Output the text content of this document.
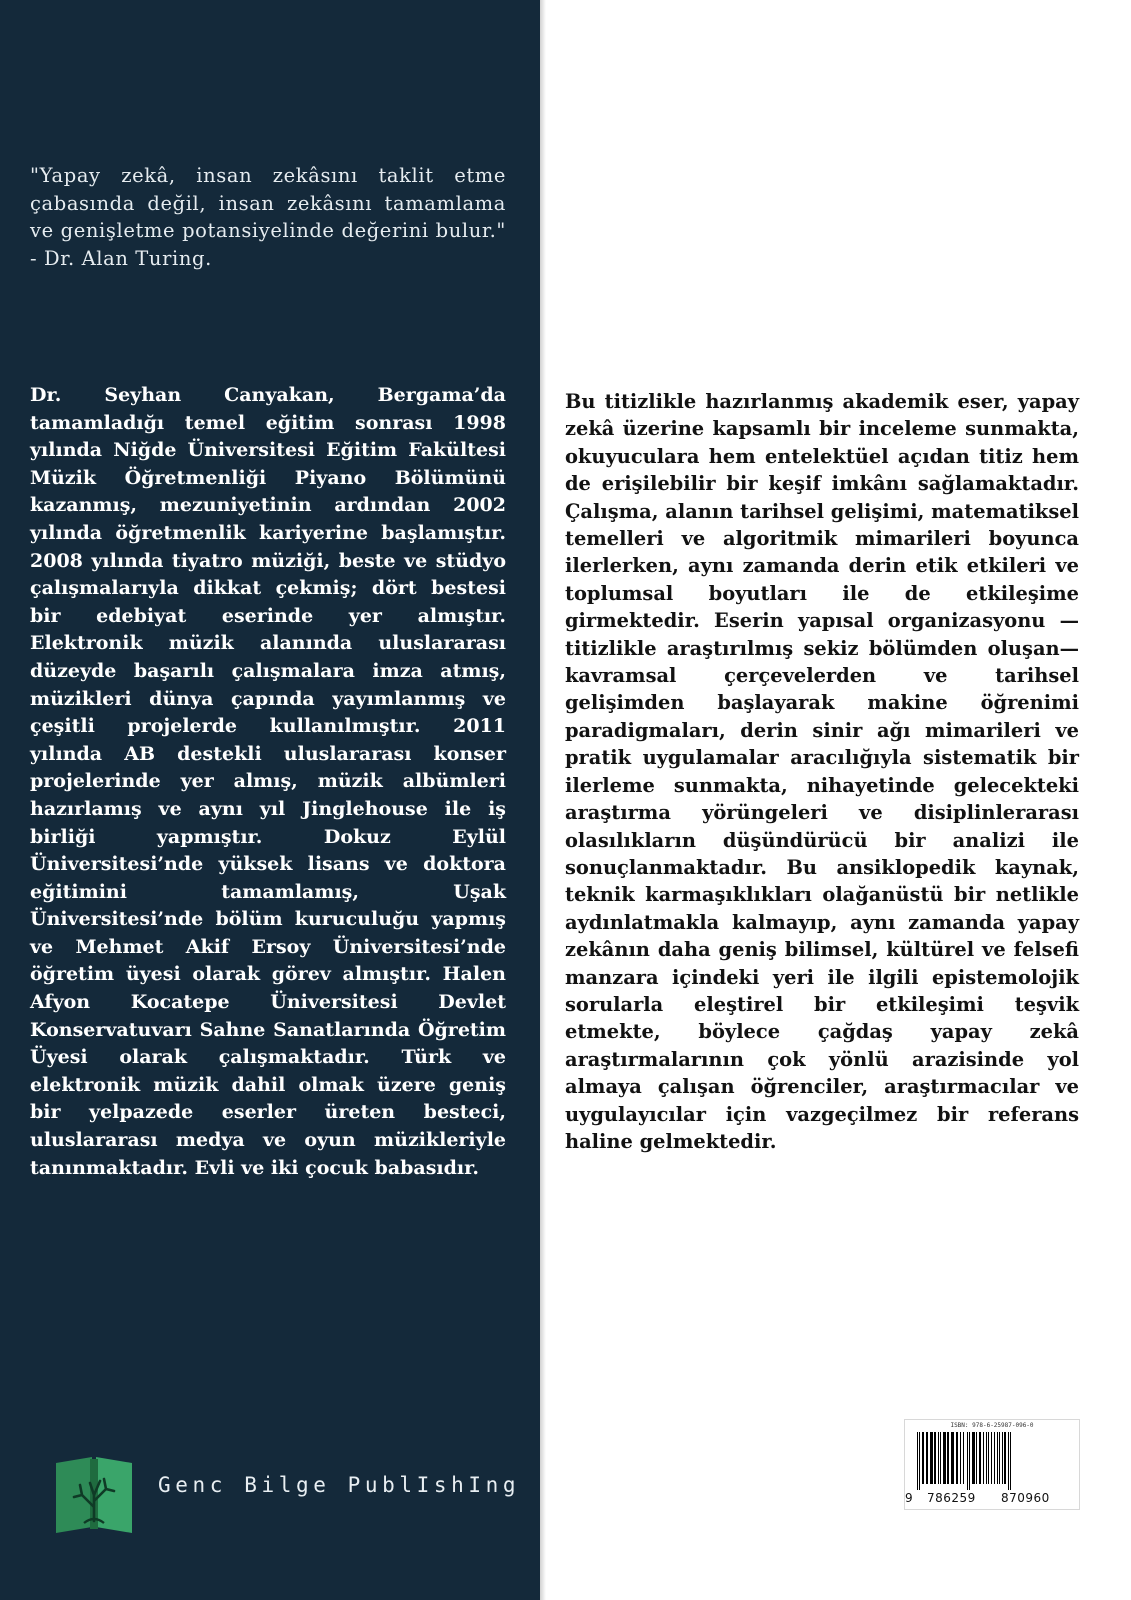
"Yapay zekâ, insan zekâsını taklit etme çabasında değil, insan zekâsını tamamlama ve genişletme potansiyelinde değerini bulur." - Dr. Alan Turing.

Dr. Seyhan Canyakan, Bergama’da tamamladığı temel eğitim sonrası 1998 yılında Niğde Üniversitesi Eğitim Fakültesi Müzik Öğretmenliği Piyano Bölümünü kazanmış, mezuniyetinin ardından 2002 yılında öğretmenlik kariyerine başlamıştır. 2008 yılında tiyatro müziği, beste ve stüdyo çalışmalarıyla dikkat çekmiş; dört bestesi bir edebiyat eserinde yer almıştır. Elektronik müzik alanında uluslararası düzeyde başarılı çalışmalara imza atmış, müzikleri dünya çapında yayımlanmış ve çeşitli projelerde kullanılmıştır. 2011 yılında AB destekli uluslararası konser projelerinde yer almış, müzik albümleri hazırlamış ve aynı yıl Jinglehouse ile iş birliği yapmıştır. Dokuz Eylül Üniversitesi’nde yüksek lisans ve doktora eğitimini tamamlamış, Uşak Üniversitesi’nde bölüm kuruculuğu yapmış ve Mehmet Akif Ersoy Üniversitesi’nde öğretim üyesi olarak görev almıştır. Halen Afyon Kocatepe Üniversitesi Devlet Konservatuvarı Sahne Sanatlarında Öğretim Üyesi olarak çalışmaktadır. Türk ve elektronik müzik dahil olmak üzere geniş bir yelpazede eserler üreten besteci, uluslararası medya ve oyun müzikleriyle tanınmaktadır. Evli ve iki çocuk babasıdır.

Bu titizlikle hazırlanmış akademik eser, yapay zekâ üzerine kapsamlı bir inceleme sunmakta, okuyuculara hem entelektüel açıdan titiz hem de erişilebilir bir keşif imkânı sağlamaktadır. Çalışma, alanın tarihsel gelişimi, matematiksel temelleri ve algoritmik mimarileri boyunca ilerlerken, aynı zamanda derin etik etkileri ve toplumsal boyutları ile de etkileşime girmektedir. Eserin yapısal organizasyonu —titizlikle araştırılmış sekiz bölümden oluşan— kavramsal çerçevelerden ve tarihsel gelişimden başlayarak makine öğrenimi paradigmaları, derin sinir ağı mimarileri ve pratik uygulamalar aracılığıyla sistematik bir ilerleme sunmakta, nihayetinde gelecekteki araştırma yörüngeleri ve disiplinlerarası olasılıkların düşündürücü bir analizi ile sonuçlanmaktadır. Bu ansiklopedik kaynak, teknik karmaşıklıkları olağanüstü bir netlikle aydınlatmakla kalmayıp, aynı zamanda yapay zekânın daha geniş bilimsel, kültürel ve felsefi manzara içindeki yeri ile ilgili epistemolojik sorularla eleştirel bir etkileşimi teşvik etmekte, böylece çağdaş yapay zekâ araştırmalarının çok yönlü arazisinde yol almaya çalışan öğrenciler, araştırmacılar ve uygulayıcılar için vazgeçilmez bir referans haline gelmektedir.

Genc Bilge PublIshIng
ISBN: 978-6-25987-096-0
9 786259 870960
